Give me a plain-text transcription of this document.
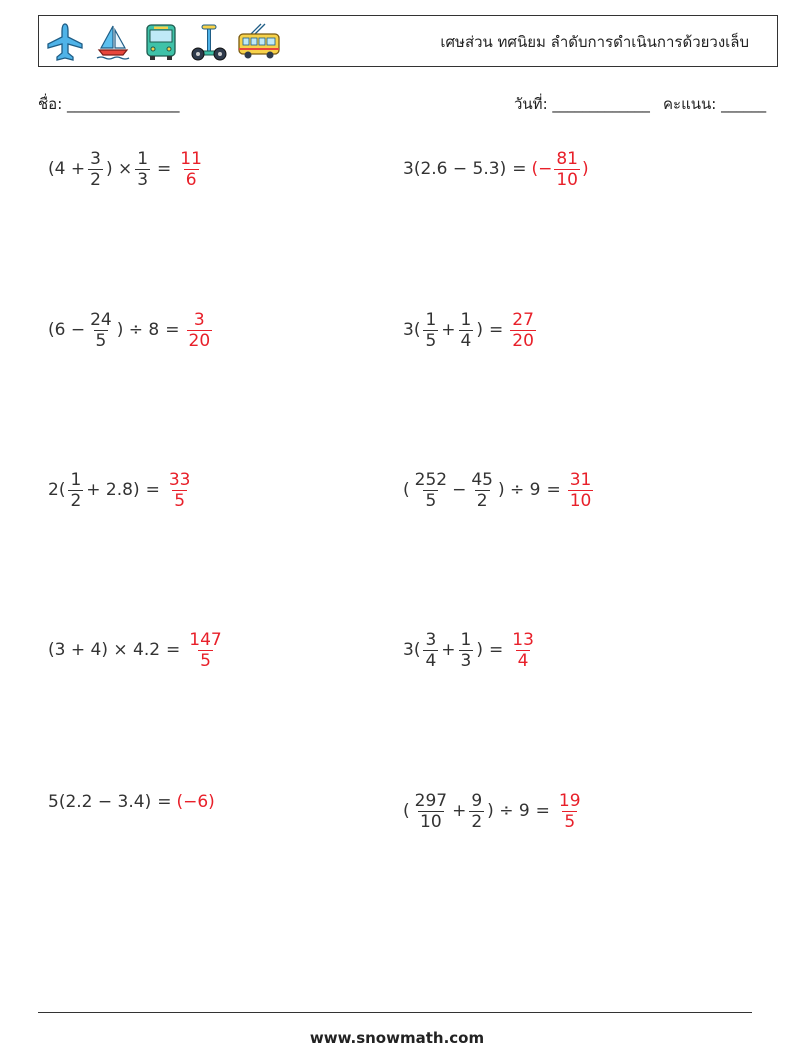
เศษส่วน ทศนิยม ลำดับการดำเนินการด้วยวงเล็บ
ชื่อ: _______________	วันที่: _____________ คะแนน: ______
($4 + \frac{3}{2}$ ) × $\frac{1}{3} = \frac{11}{6}$	3(2.6 − 5.3) = (− $\frac{81}{10}$ )
($6 - \frac{24}{5}$ ) ÷ $8 = \frac{3}{20}$	$3( \frac{1}{5} + \frac{1}{4}$ ) = $\frac{27}{20}$
$2( \frac{1}{2} + 2.8) = \frac{33}{5}$	( $\frac{252}{5} - \frac{45}{2}$ ) ÷ $9 = \frac{31}{10}$
$(3 + 4) \times 4.2 = \frac{147}{5}$	$3( \frac{3}{4} + \frac{1}{3}$ ) = $\frac{13}{4}$
5(2.2 − 3.4) = (−6)	( $\frac{297}{10} + \frac{9}{2}$ ) ÷ $9 = \frac{19}{5}$
www.snowmath.com
